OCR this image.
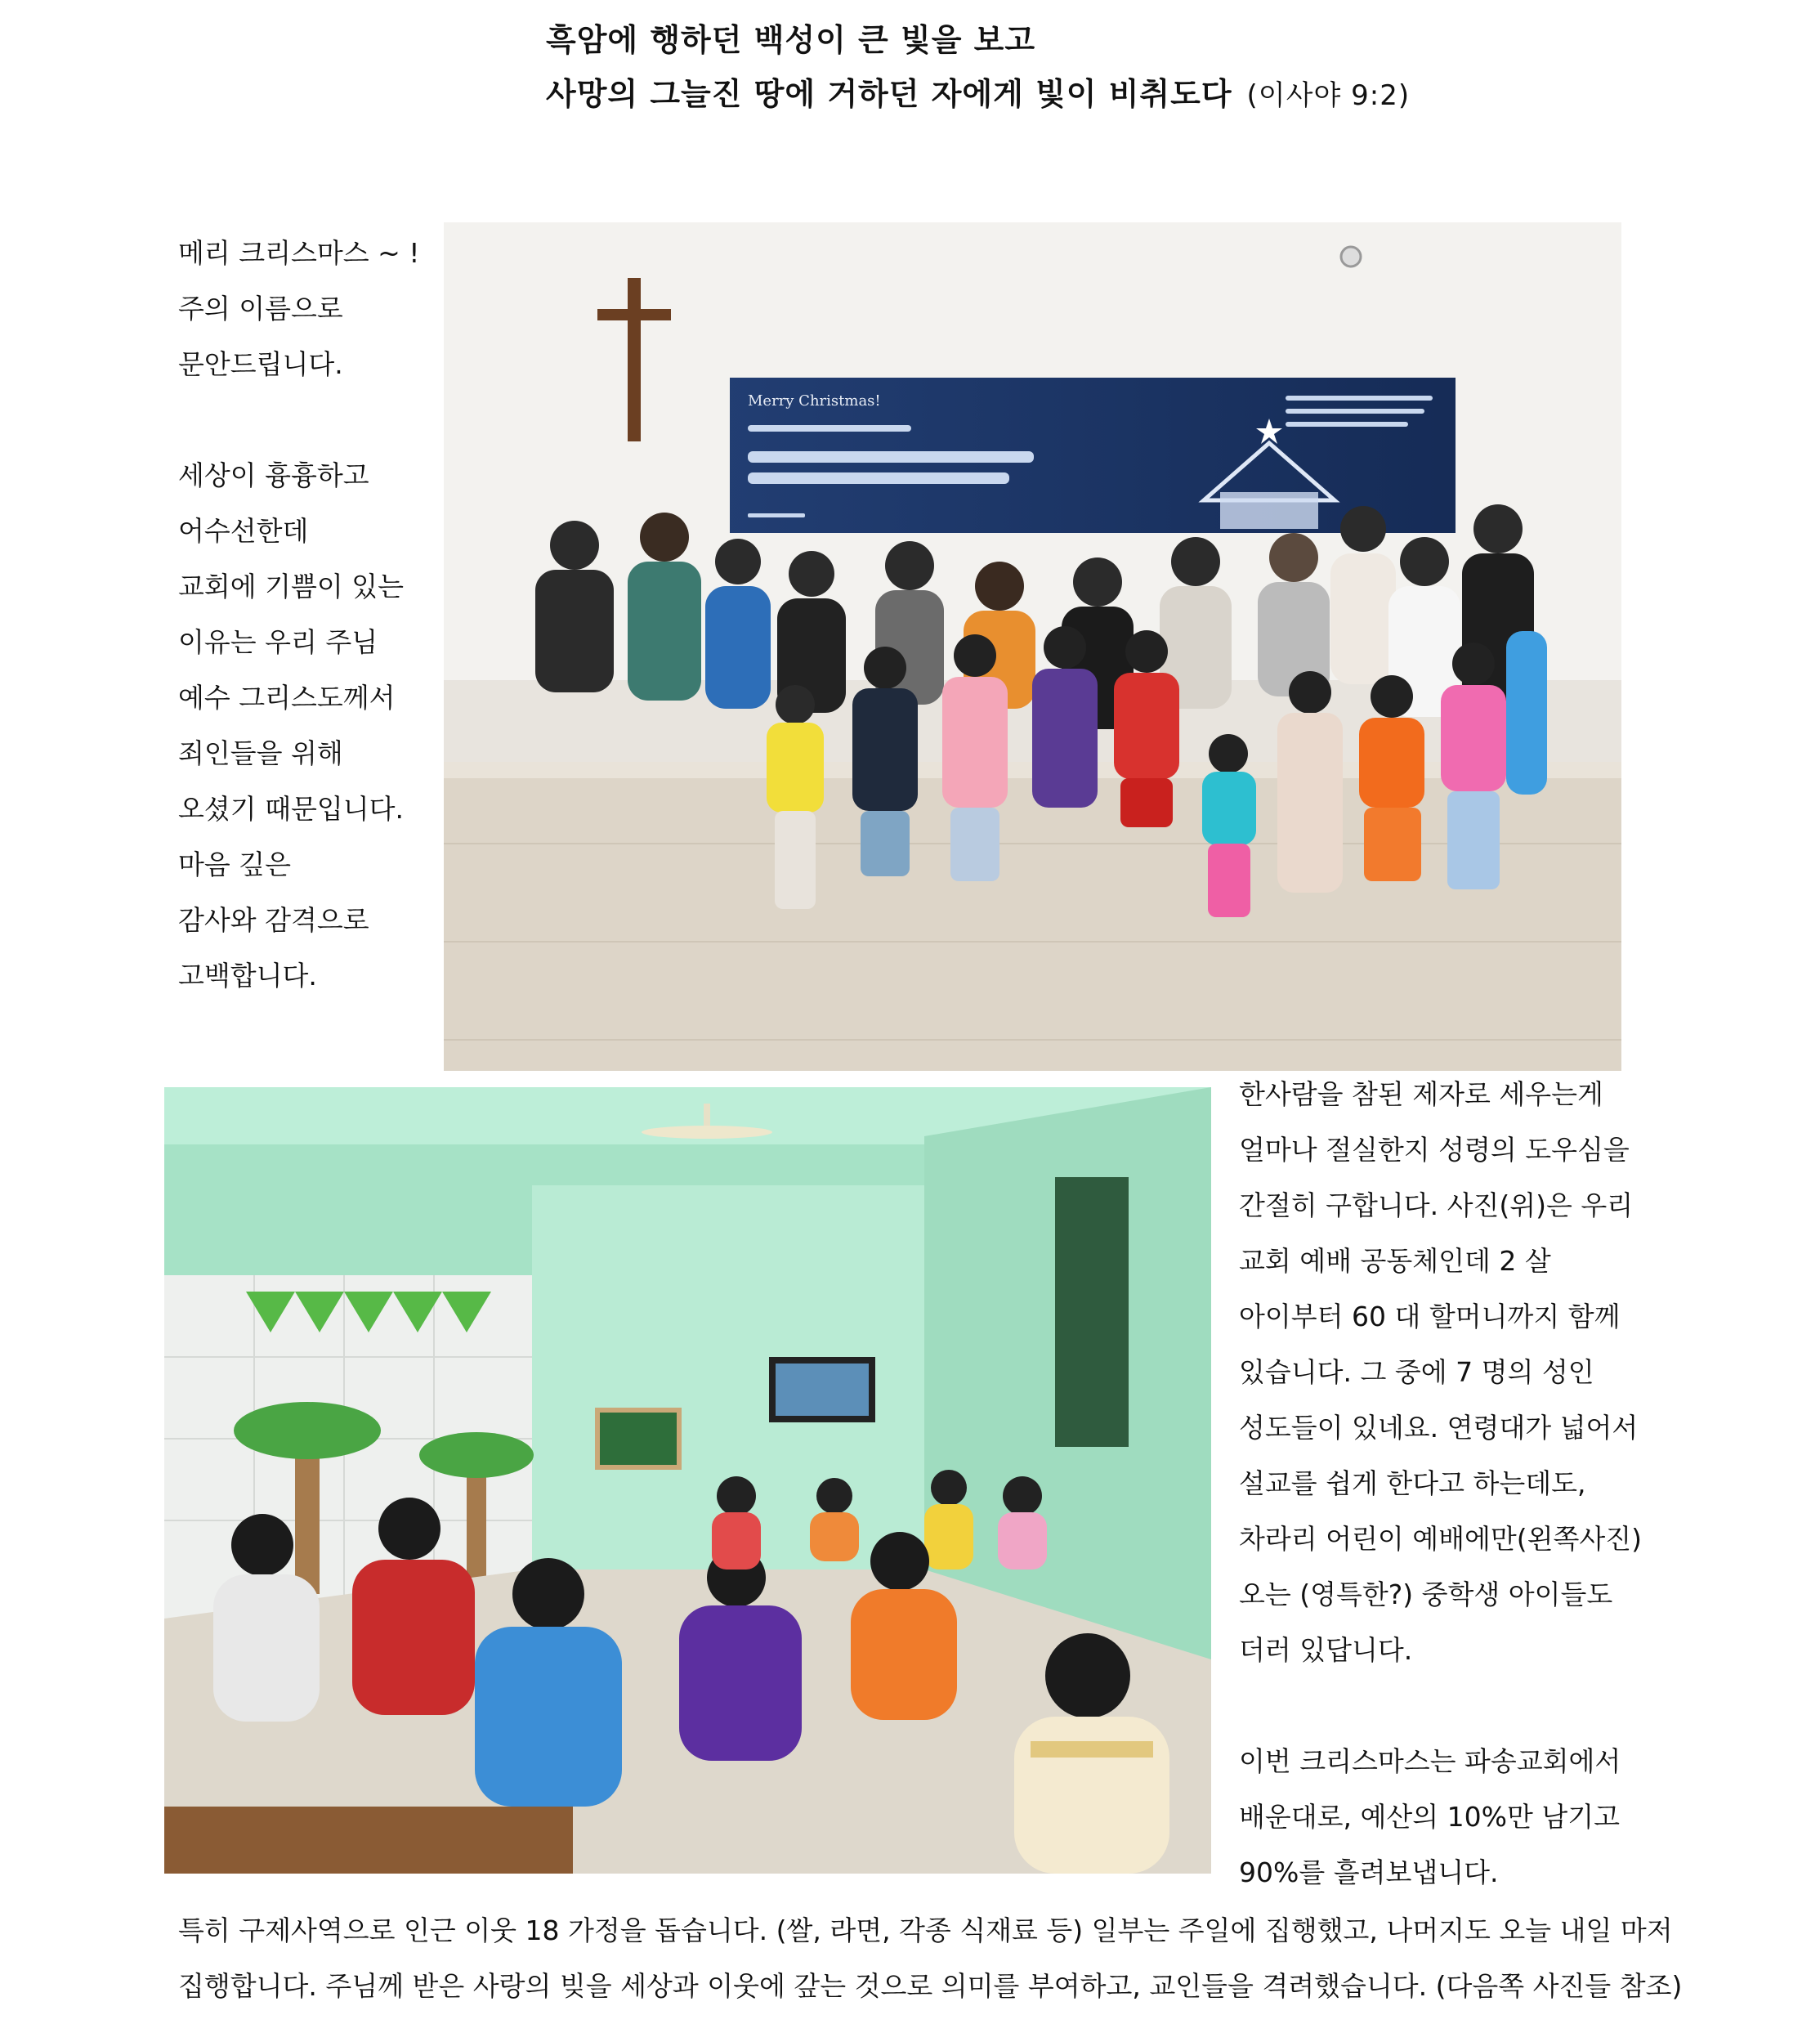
흑암에 행하던 백성이 큰 빛을 보고
사망의 그늘진 땅에 거하던 자에게 빛이 비취도다 (이사야 9:2)

메리 크리스마스 ~ !

주의 이름으로

문안드립니다.

세상이 흉흉하고

어수선한데

교회에 기쁨이 있는

이유는 우리 주님

예수 그리스도께서

죄인들을 위해

오셨기 때문입니다.

마음 깊은

감사와 감격으로

고백합니다.

Merry Christmas!

한사람을 참된 제자로 세우는게

얼마나 절실한지 성령의 도우심을

간절히 구합니다. 사진(위)은 우리

교회 예배 공동체인데 2 살

아이부터 60 대 할머니까지 함께

있습니다. 그 중에 7 명의 성인

성도들이 있네요. 연령대가 넓어서

설교를 쉽게 한다고 하는데도,

차라리 어린이 예배에만(왼쪽사진)

오는 (영특한?) 중학생 아이들도

더러 있답니다.

이번 크리스마스는 파송교회에서

배운대로, 예산의 10%만 남기고

90%를 흘려보냅니다.

특히 구제사역으로 인근 이웃 18 가정을 돕습니다. (쌀, 라면, 각종 식재료 등) 일부는 주일에 집행했고, 나머지도 오늘 내일 마저

집행합니다. 주님께 받은 사랑의 빚을 세상과 이웃에 갚는 것으로 의미를 부여하고, 교인들을 격려했습니다. (다음쪽 사진들 참조)
